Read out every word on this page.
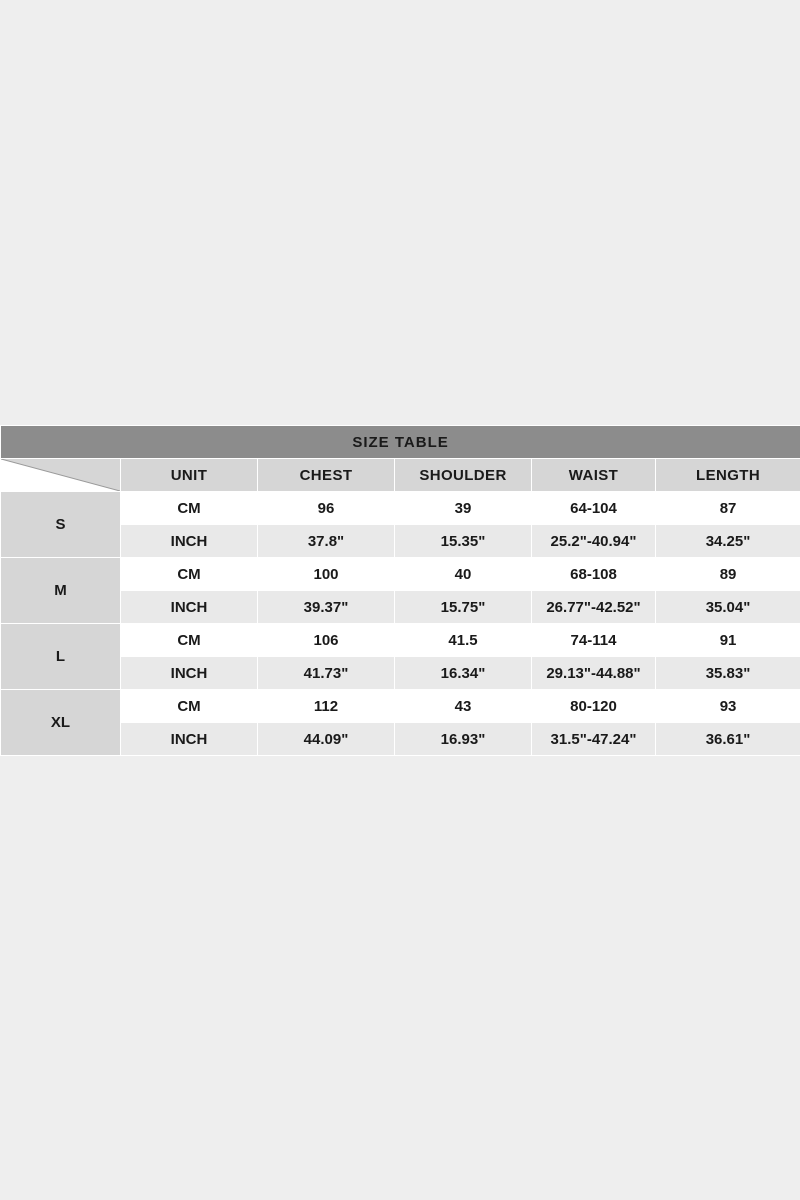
SIZE TABLE					

	UNIT	CHEST	SHOULDER	WAIST	LENGTH
S	CM	96	39	64-104	87
	INCH	37.8"	15.35"	25.2"-40.94"	34.25"
M	CM	100	40	68-108	89
	INCH	39.37"	15.75"	26.77"-42.52"	35.04"
L	CM	106	41.5	74-114	91
	INCH	41.73"	16.34"	29.13"-44.88"	35.83"
XL	CM	112	43	80-120	93
	INCH	44.09"	16.93"	31.5"-47.24"	36.61"
